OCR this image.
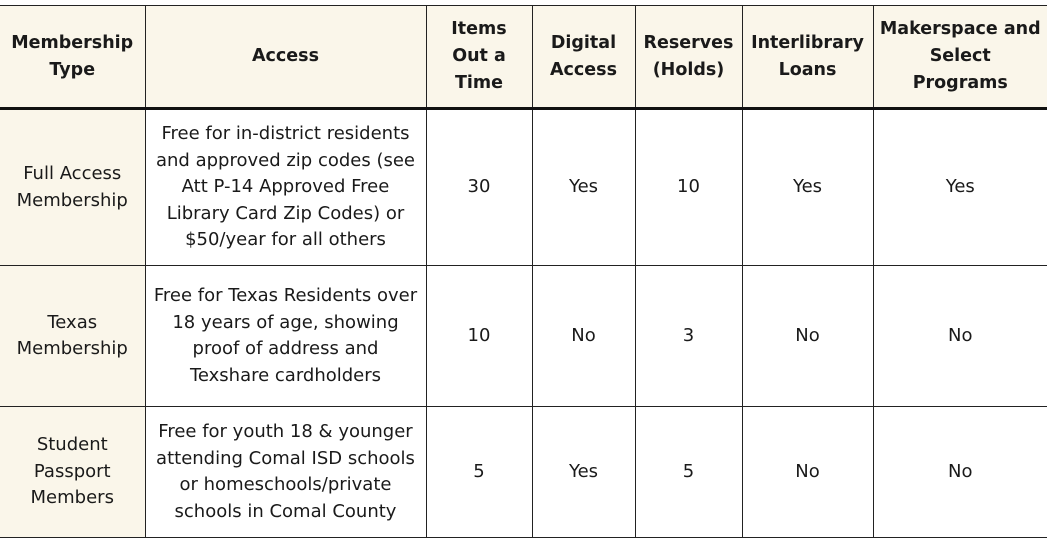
Membership Type	Access	Items Out a Time	Digital Access	Reserves (Holds)	Interlibrary Loans	Makerspace and Select Programs
Full Access Membership	Free for in-district residents and approved zip codes (see Att P-14 Approved Free Library Card Zip Codes) or $50/year for all others	30	Yes	10	Yes	Yes
Texas Membership	Free for Texas Residents over 18 years of age, showing proof of address and Texshare cardholders	10	No	3	No	No
Student Passport Members	Free for youth 18 & younger attending Comal ISD schools or homeschools/private schools in Comal County	5	Yes	5	No	No
